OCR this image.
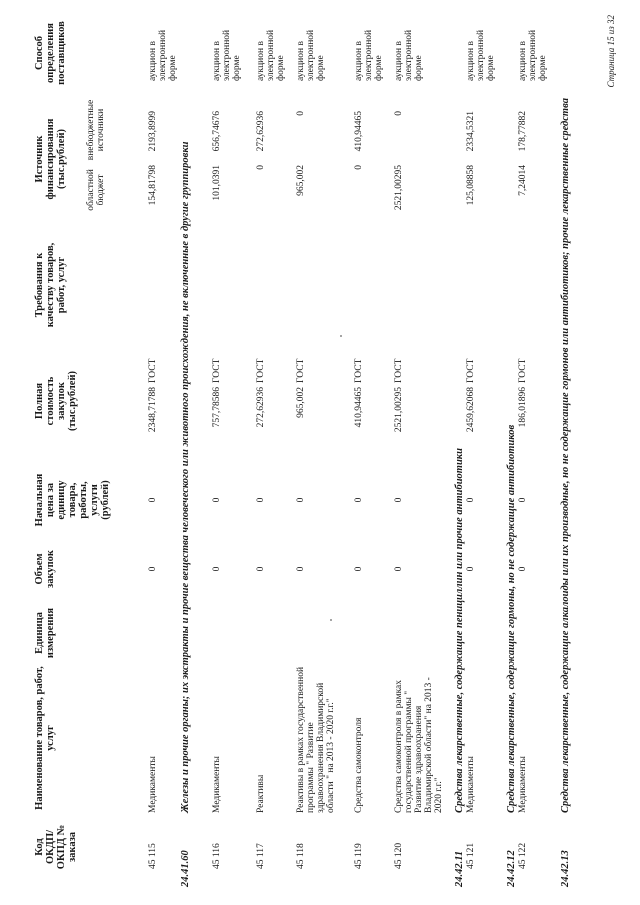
Код ОКДП/ ОКПД № заказа
Наименование товаров, работ, услуг
Единица измерения
Объем закупок
Начальная цена за единицу товара, работы, услуги (рублей)
Полная стоимость закупок (тыс.рублей)
Требования к качеству товаров, работ, услуг
Источник финансирования (тыс.рублей)
областной бюджет
внебюджетные источники
Способ определения поставщиков
45 115
Медикаменты
0
0
2348,71788
ГОСТ
154,81798
2193,8999
аукцион в электронной форме
24.41.60
Железы и прочие органы; их экстракты и прочие вещества человеческого или животного происхождения, не включенные в другие группировки
45 116
Медикаменты
0
0
757,78586
ГОСТ
101,0391
656,74676
аукцион в электронной форме
45 117
Реактивы
0
0
272,62936
ГОСТ
0
272,62936
аукцион в электронной форме
45 118
Реактивы в рамках государственной программы " Развитие здравоохранения Владимирской области " на 2013 - 2020 г.г."
0
0
965,002
ГОСТ
965,002
0
аукцион в электронной форме
45 119
Средства самоконтроля
0
0
410,94465
ГОСТ
0
410,94465
аукцион в электронной форме
45 120
Средства самоконтроля в рамках государственной программы " Развитие здравоохранения Владимирской области" на 2013 - 2020 г.г."
0
0
2521,00295
ГОСТ
2521,00295
0
аукцион в электронной форме
24.42.11
Средства лекарственные, содержащие пенициллин или прочие антибиотики
45 121
Медикаменты
0
0
2459,62068
ГОСТ
125,08858
2334,5321
аукцион в электронной форме
24.42.12
Средства лекарственные, содержащие гормоны, но не содержащие антибиотиков
45 122
Медикаменты
0
0
186,01896
ГОСТ
7,24014
178,77882
аукцион в электронной форме
24.42.13
Средства лекарственные, содержащие алкалоиды или их производные, но не содержащие гормонов или антибиотиков; прочие лекарственные средства
Страница 15 из 32
